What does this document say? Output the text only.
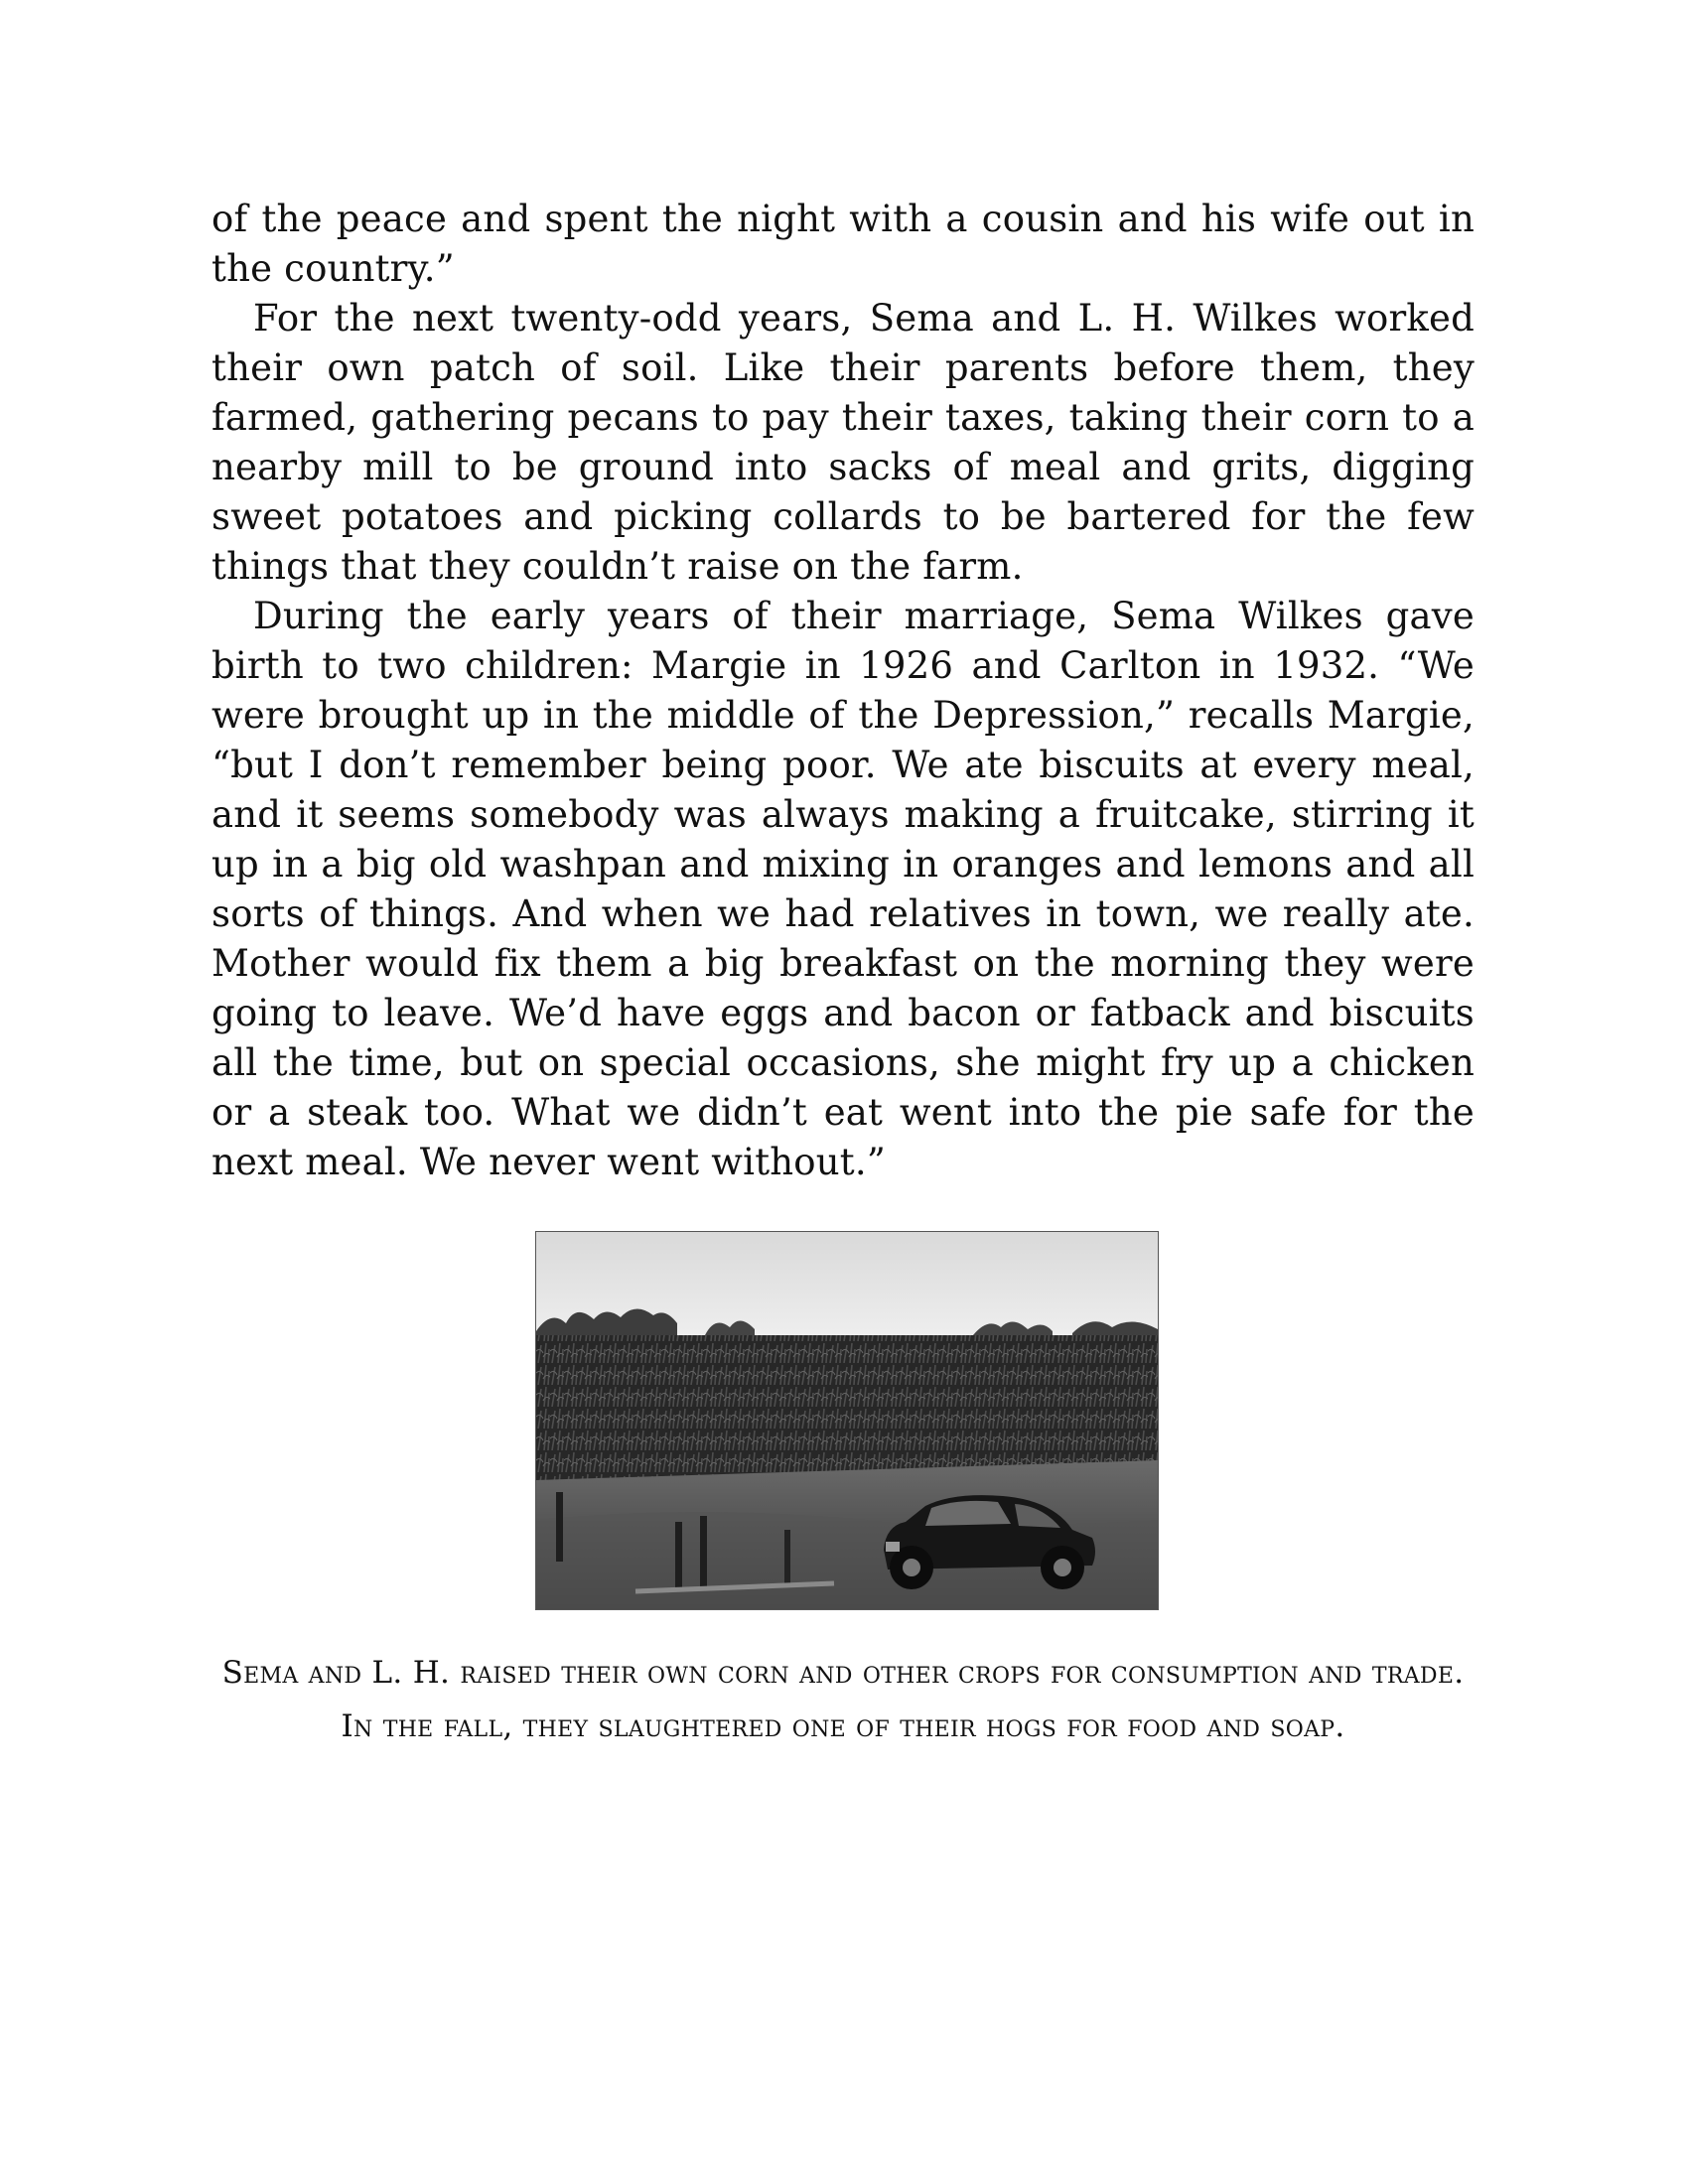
of the peace and spent the night with a cousin and his wife out in the country.”

For the next twenty-odd years, Sema and L. H. Wilkes worked their own patch of soil. Like their parents before them, they farmed, gathering pecans to pay their taxes, taking their corn to a nearby mill to be ground into sacks of meal and grits, digging sweet potatoes and picking collards to be bartered for the few things that they couldn’t raise on the farm.

During the early years of their marriage, Sema Wilkes gave birth to two children: Margie in 1926 and Carlton in 1932. “We were brought up in the middle of the Depression,” recalls Margie, “but I don’t remember being poor. We ate biscuits at every meal, and it seems somebody was always making a fruitcake, stirring it up in a big old washpan and mixing in oranges and lemons and all sorts of things. And when we had relatives in town, we really ate. Mother would fix them a big breakfast on the morning they were going to leave. We’d have eggs and bacon or fatback and biscuits all the time, but on special occasions, she might fry up a chicken or a steak too. What we didn’t eat went into the pie safe for the next meal. We never went without.”

Sema and L. H. raised their own corn and other crops for consumption and trade. In the fall, they slaughtered one of their hogs for food and soap.
